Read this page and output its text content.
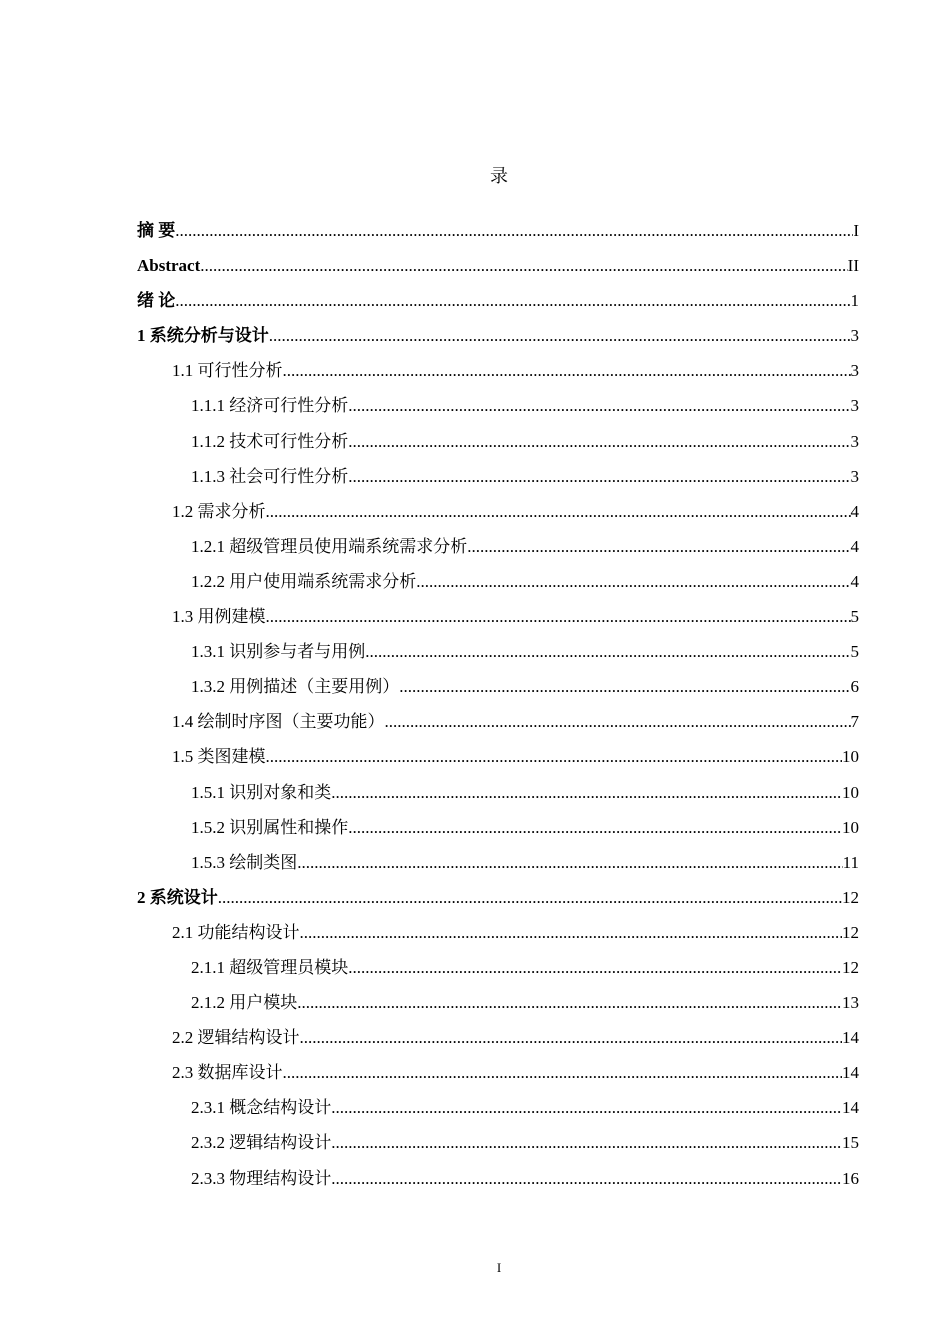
录
摘 要 .....	I
Abstract .....	II
绪 论 .....	1
1 系统分析与设计 .....	3
1.1 可行性分析 .....	3
1.1.1 经济可行性分析 .....	3
1.1.2 技术可行性分析 .....	3
1.1.3 社会可行性分析 .....	3
1.2 需求分析 .....	4
1.2.1 超级管理员使用端系统需求分析 .....	4
1.2.2 用户使用端系统需求分析 .....	4
1.3 用例建模 .....	5
1.3.1 识别参与者与用例 .....	5
1.3.2 用例描述（主要用例） .....	6
1.4 绘制时序图（主要功能） .....	7
1.5 类图建模 .....	10
1.5.1 识别对象和类 .....	10
1.5.2 识别属性和操作 .....	10
1.5.3 绘制类图 .....	11
2 系统设计 .....	12
2.1 功能结构设计 .....	12
2.1.1 超级管理员模块 .....	12
2.1.2 用户模块 .....	13
2.2 逻辑结构设计 .....	14
2.3 数据库设计 .....	14
2.3.1 概念结构设计 .....	14
2.3.2 逻辑结构设计 .....	15
2.3.3 物理结构设计 .....	16
I
